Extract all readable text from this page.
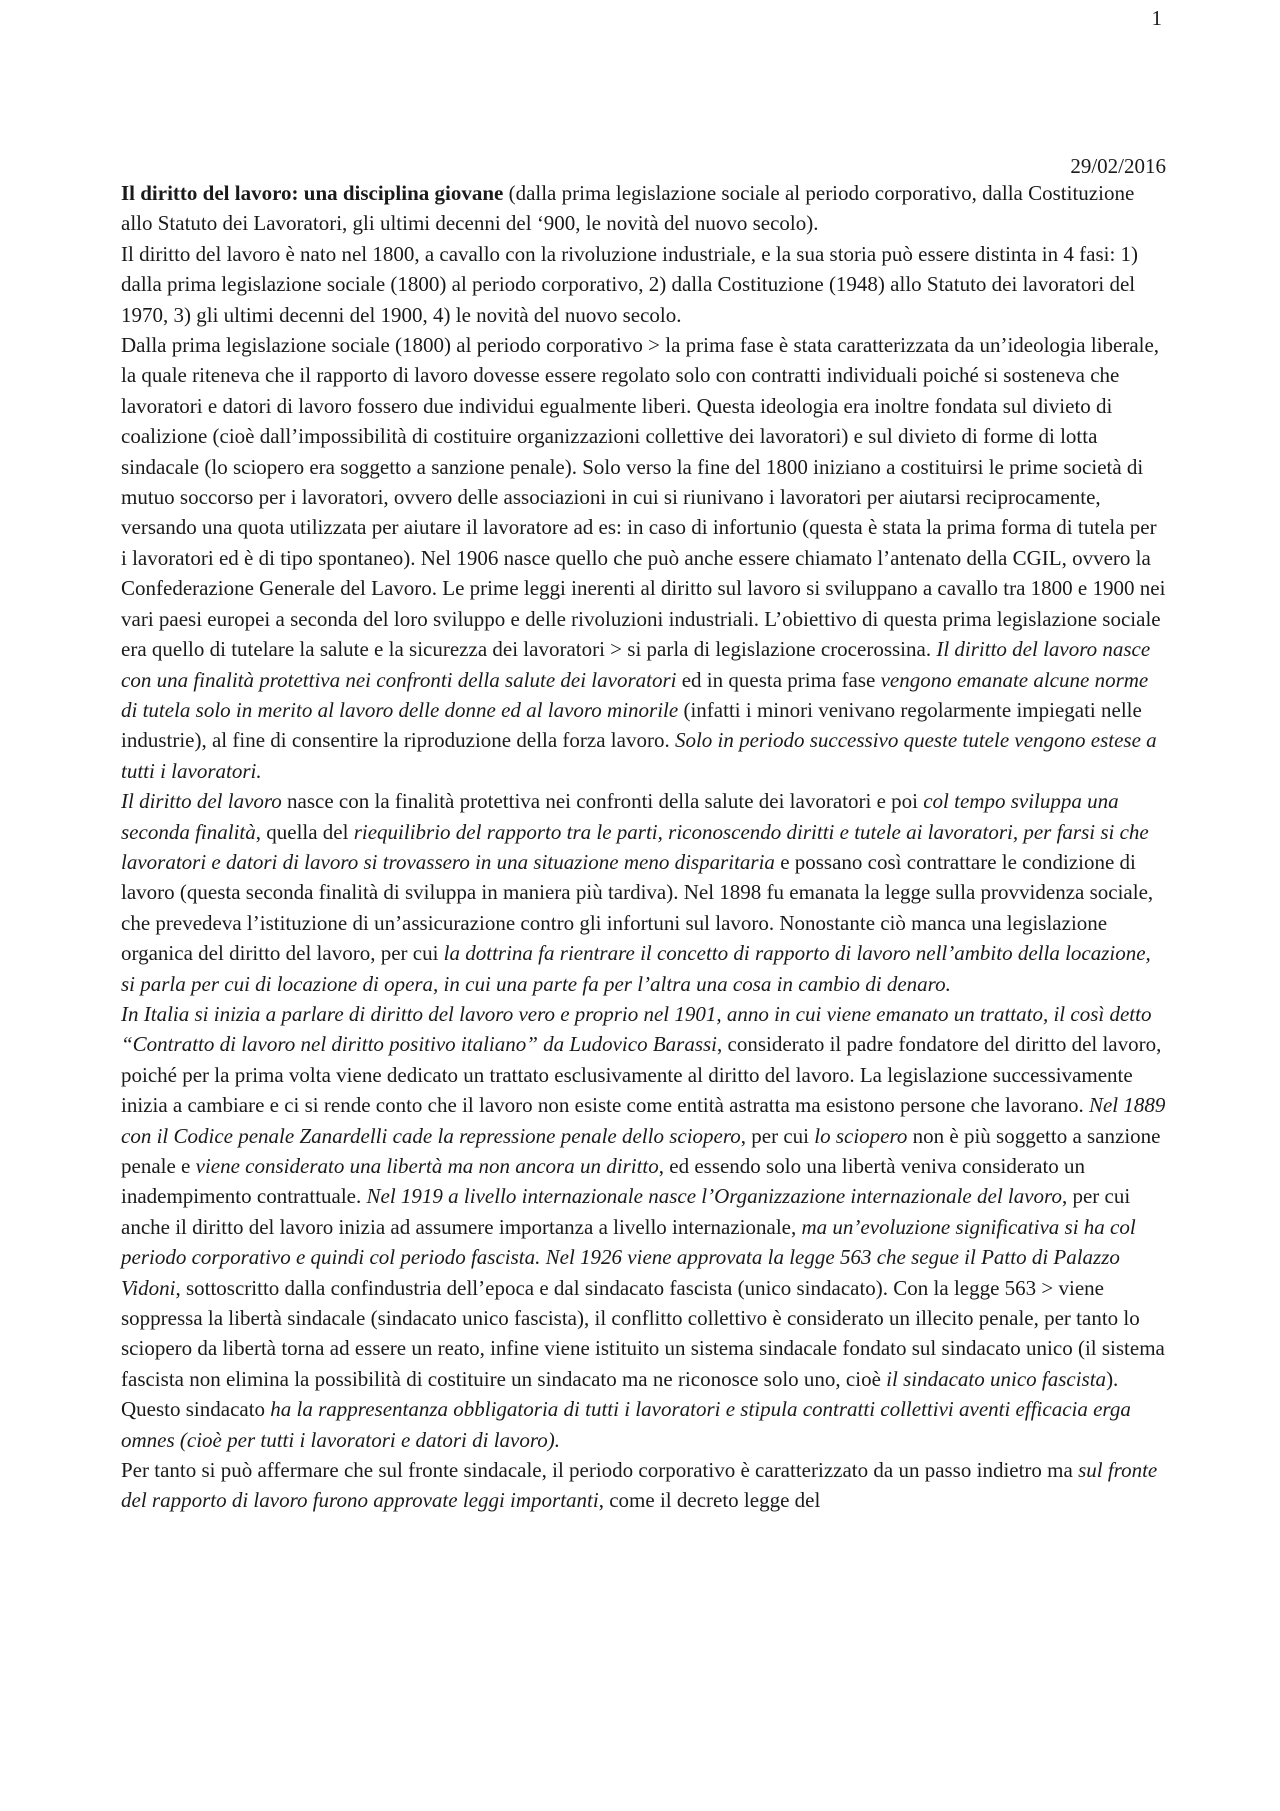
1
29/02/2016

Il diritto del lavoro: una disciplina giovane (dalla prima legislazione sociale al periodo corporativo, dalla Costituzione allo Statuto dei Lavoratori, gli ultimi decenni del ‘900, le novità del nuovo secolo).

Il diritto del lavoro è nato nel 1800, a cavallo con la rivoluzione industriale, e la sua storia può essere distinta in 4 fasi: 1) dalla prima legislazione sociale (1800) al periodo corporativo, 2) dalla Costituzione (1948) allo Statuto dei lavoratori del 1970, 3) gli ultimi decenni del 1900, 4) le novità del nuovo secolo.

Dalla prima legislazione sociale (1800) al periodo corporativo > la prima fase è stata caratterizzata da un’ideologia liberale, la quale riteneva che il rapporto di lavoro dovesse essere regolato solo con contratti individuali poiché si sosteneva che lavoratori e datori di lavoro fossero due individui egualmente liberi. Questa ideologia era inoltre fondata sul divieto di coalizione (cioè dall’impossibilità di costituire organizzazioni collettive dei lavoratori) e sul divieto di forme di lotta sindacale (lo sciopero era soggetto a sanzione penale). Solo verso la fine del 1800 iniziano a costituirsi le prime società di mutuo soccorso per i lavoratori, ovvero delle associazioni in cui si riunivano i lavoratori per aiutarsi reciprocamente, versando una quota utilizzata per aiutare il lavoratore ad es: in caso di infortunio (questa è stata la prima forma di tutela per i lavoratori ed è di tipo spontaneo). Nel 1906 nasce quello che può anche essere chiamato l’antenato della CGIL, ovvero la Confederazione Generale del Lavoro. Le prime leggi inerenti al diritto sul lavoro si sviluppano a cavallo tra 1800 e 1900 nei vari paesi europei a seconda del loro sviluppo e delle rivoluzioni industriali. L’obiettivo di questa prima legislazione sociale era quello di tutelare la salute e la sicurezza dei lavoratori > si parla di legislazione crocerossina. Il diritto del lavoro nasce con una finalità protettiva nei confronti della salute dei lavoratori ed in questa prima fase vengono emanate alcune norme di tutela solo in merito al lavoro delle donne ed al lavoro minorile (infatti i minori venivano regolarmente impiegati nelle industrie), al fine di consentire la riproduzione della forza lavoro. Solo in periodo successivo queste tutele vengono estese a tutti i lavoratori.

Il diritto del lavoro nasce con la finalità protettiva nei confronti della salute dei lavoratori e poi col tempo sviluppa una seconda finalità, quella del riequilibrio del rapporto tra le parti, riconoscendo diritti e tutele ai lavoratori, per farsi si che lavoratori e datori di lavoro si trovassero in una situazione meno disparitaria e possano così contrattare le condizione di lavoro (questa seconda finalità di sviluppa in maniera più tardiva). Nel 1898 fu emanata la legge sulla provvidenza sociale, che prevedeva l’istituzione di un’assicurazione contro gli infortuni sul lavoro. Nonostante ciò manca una legislazione organica del diritto del lavoro, per cui la dottrina fa rientrare il concetto di rapporto di lavoro nell’ambito della locazione, si parla per cui di locazione di opera, in cui una parte fa per l’altra una cosa in cambio di denaro.

In Italia si inizia a parlare di diritto del lavoro vero e proprio nel 1901, anno in cui viene emanato un trattato, il così detto “Contratto di lavoro nel diritto positivo italiano” da Ludovico Barassi, considerato il padre fondatore del diritto del lavoro, poiché per la prima volta viene dedicato un trattato esclusivamente al diritto del lavoro. La legislazione successivamente inizia a cambiare e ci si rende conto che il lavoro non esiste come entità astratta ma esistono persone che lavorano. Nel 1889 con il Codice penale Zanardelli cade la repressione penale dello sciopero, per cui lo sciopero non è più soggetto a sanzione penale e viene considerato una libertà ma non ancora un diritto, ed essendo solo una libertà veniva considerato un inadempimento contrattuale. Nel 1919 a livello internazionale nasce l’Organizzazione internazionale del lavoro, per cui anche il diritto del lavoro inizia ad assumere importanza a livello internazionale, ma un’evoluzione significativa si ha col periodo corporativo e quindi col periodo fascista. Nel 1926 viene approvata la legge 563 che segue il Patto di Palazzo Vidoni, sottoscritto dalla confindustria dell’epoca e dal sindacato fascista (unico sindacato). Con la legge 563 > viene soppressa la libertà sindacale (sindacato unico fascista), il conflitto collettivo è considerato un illecito penale, per tanto lo sciopero da libertà torna ad essere un reato, infine viene istituito un sistema sindacale fondato sul sindacato unico (il sistema fascista non elimina la possibilità di costituire un sindacato ma ne riconosce solo uno, cioè il sindacato unico fascista). Questo sindacato ha la rappresentanza obbligatoria di tutti i lavoratori e stipula contratti collettivi aventi efficacia erga omnes (cioè per tutti i lavoratori e datori di lavoro).

Per tanto si può affermare che sul fronte sindacale, il periodo corporativo è caratterizzato da un passo indietro ma sul fronte del rapporto di lavoro furono approvate leggi importanti, come il decreto legge del
